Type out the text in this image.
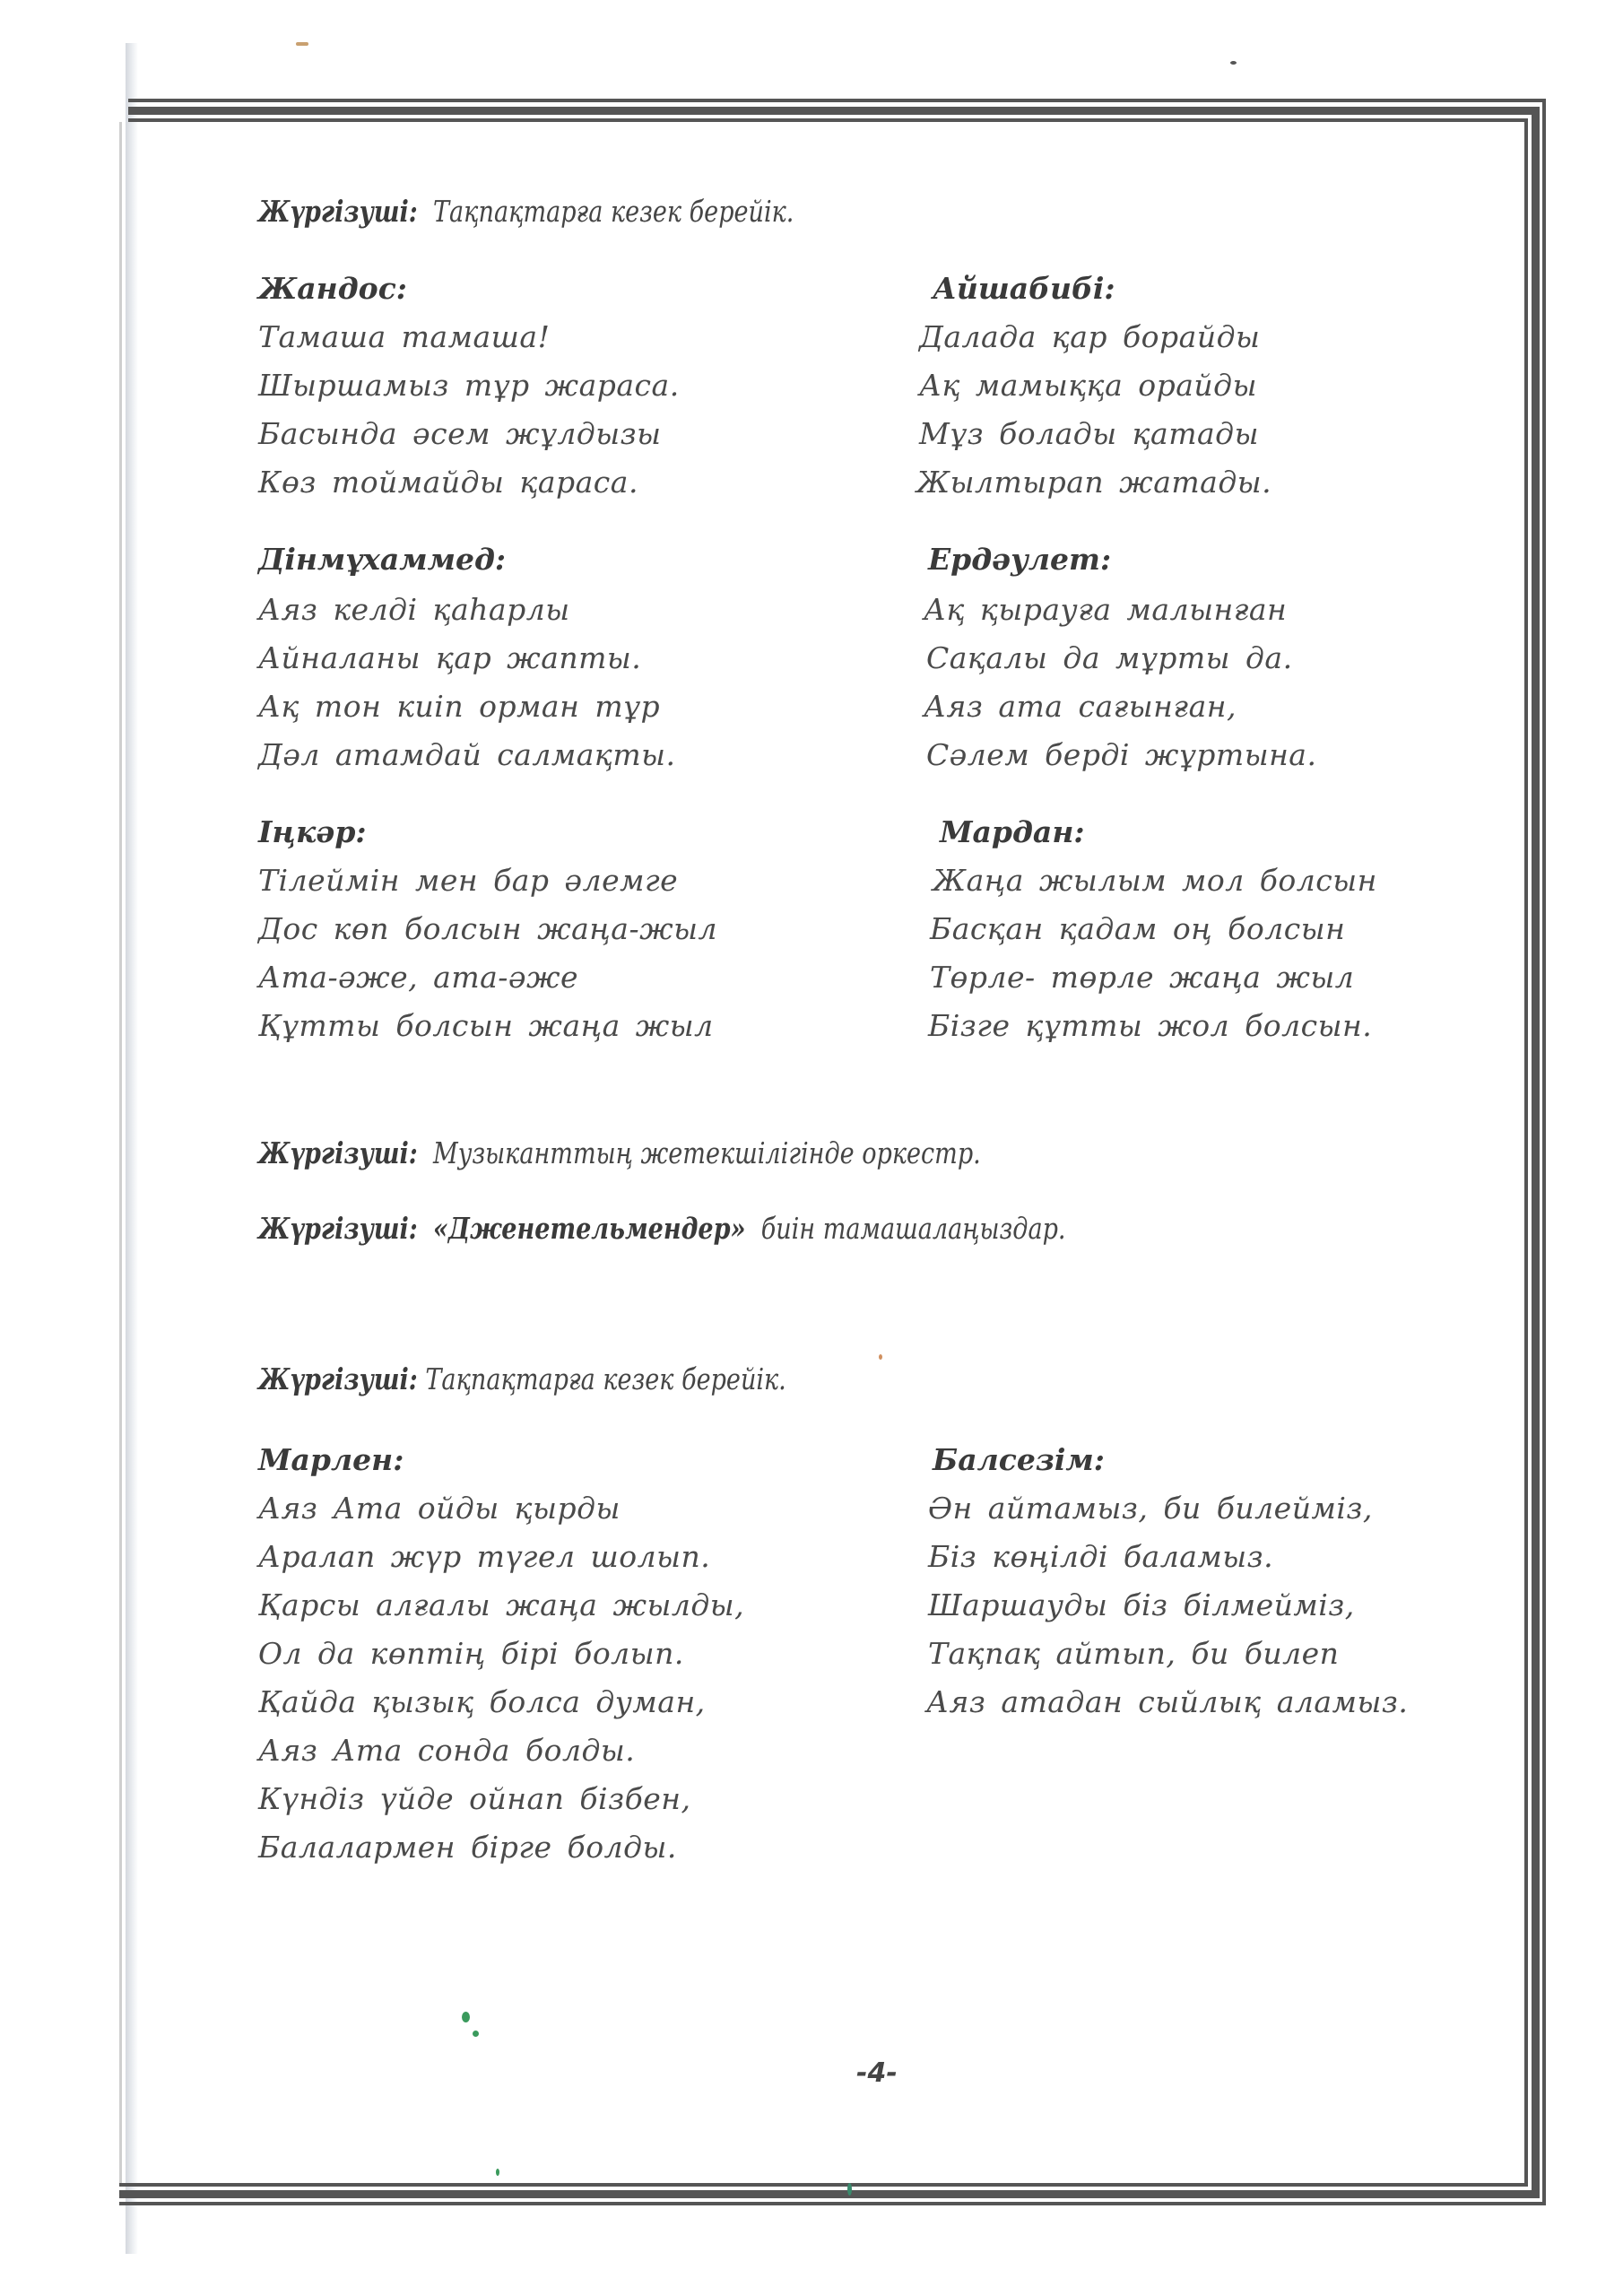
Жүргізуші: Тақпақтарға кезек берейік.
Жандос:
Тамаша тамаша!
Шыршамыз тұр жараса.
Басында әсем жұлдызы
Көз тоймайды қараса.
Дінмұхаммед:
Аяз келді қаһарлы
Айналаны қар жапты.
Ақ тон киіп орман тұр
Дәл атамдай салмақты.
Іңкәр:
Тілеймін мен бар әлемге
Дос көп болсын жаңа-жыл
Ата-әже, ата-әже
Құтты болсын жаңа жыл
Айшабибі:
Далада қар борайды
Ақ мамыққа орайды
Мұз болады қатады
Жылтырап жатады.
Ердәулет:
Ақ қырауға малынған
Сақалы да мұрты да.
Аяз ата сағынған,
Сәлем берді жұртына.
Мардан:
Жаңа жылым мол болсын
Басқан қадам оң болсын
Төрле- төрле жаңа жыл
Бізге құтты жол болсын.
Жүргізуші: Музыканттың жетекшілігінде оркестр.
Жүргізуші: «Дженетельмендер» биін тамашалаңыздар.
Жүргізуші: Тақпақтарға кезек берейік.
Марлен:
Аяз Ата ойды қырды
Аралап жүр түгел шолып.
Қарсы алғалы жаңа жылды,
Ол да көптің бірі болып.
Қайда қызық болса думан,
Аяз Ата сонда болды.
Күндіз үйде ойнап бізбен,
Балалармен бірге болды.
Балсезім:
Ән айтамыз, би билейміз,
Біз көңілді баламыз.
Шаршауды біз білмейміз,
Тақпақ айтып, би билеп
Аяз атадан сыйлық аламыз.
-4-
